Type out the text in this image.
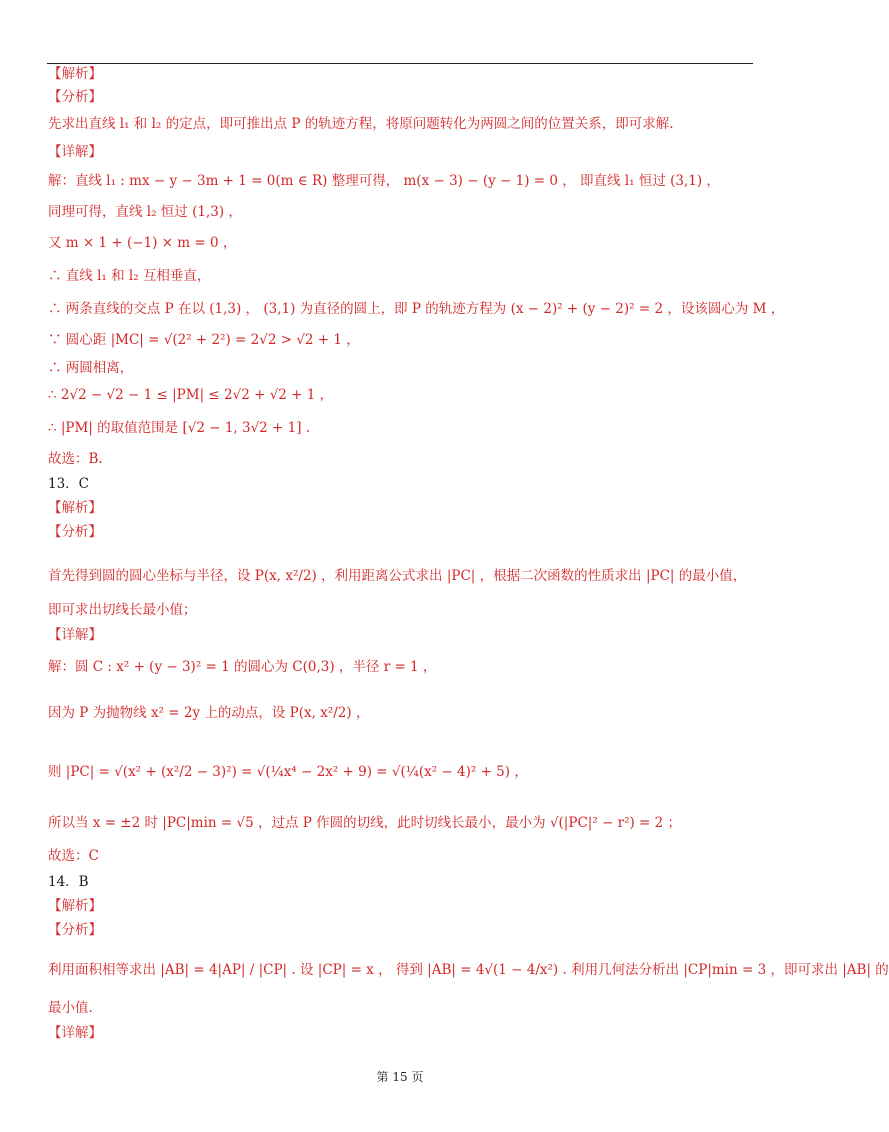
【解析】
【分析】
先求出直线 l₁ 和 l₂ 的定点，即可推出点 P 的轨迹方程，将原问题转化为两圆之间的位置关系，即可求解.
【详解】
解：直线 l₁ : mx − y − 3m + 1 = 0(m ∈ R) 整理可得， m(x − 3) − (y − 1) = 0 ， 即直线 l₁ 恒过 (3,1) ，
同理可得，直线 l₂ 恒过 (1,3) ，
又 m × 1 + (−1) × m = 0 ，
∴ 直线 l₁ 和 l₂ 互相垂直，
∴ 两条直线的交点 P 在以 (1,3) ， (3,1) 为直径的圆上，即 P 的轨迹方程为 (x − 2)² + (y − 2)² = 2 ，设该圆心为 M ，
∵ 圆心距 |MC| = √(2² + 2²) = 2√2 > √2 + 1 ，
∴ 两圆相离，
∴ 2√2 − √2 − 1 ≤ |PM| ≤ 2√2 + √2 + 1 ，
∴ |PM| 的取值范围是 [√2 − 1, 3√2 + 1] .
故选：B.
13．C
【解析】
【分析】
首先得到圆的圆心坐标与半径，设 P(x, x²/2) ，利用距离公式求出 |PC| ，根据二次函数的性质求出 |PC| 的最小值，
即可求出切线长最小值；
【详解】
解：圆 C : x² + (y − 3)² = 1 的圆心为 C(0,3) ，半径 r = 1 ，
因为 P 为抛物线 x² = 2y 上的动点，设 P(x, x²/2) ，
则 |PC| = √(x² + (x²/2 − 3)²) = √(¼x⁴ − 2x² + 9) = √(¼(x² − 4)² + 5) ，
所以当 x = ±2 时 |PC|min = √5 ，过点 P 作圆的切线，此时切线长最小，最小为 √(|PC|² − r²) = 2 ；
故选：C
14．B
【解析】
【分析】
利用面积相等求出 |AB| = 4|AP| / |CP| . 设 |CP| = x ， 得到 |AB| = 4√(1 − 4/x²) . 利用几何法分析出 |CP|min = 3 ，即可求出 |AB| 的
最小值.
【详解】
第 15 页
